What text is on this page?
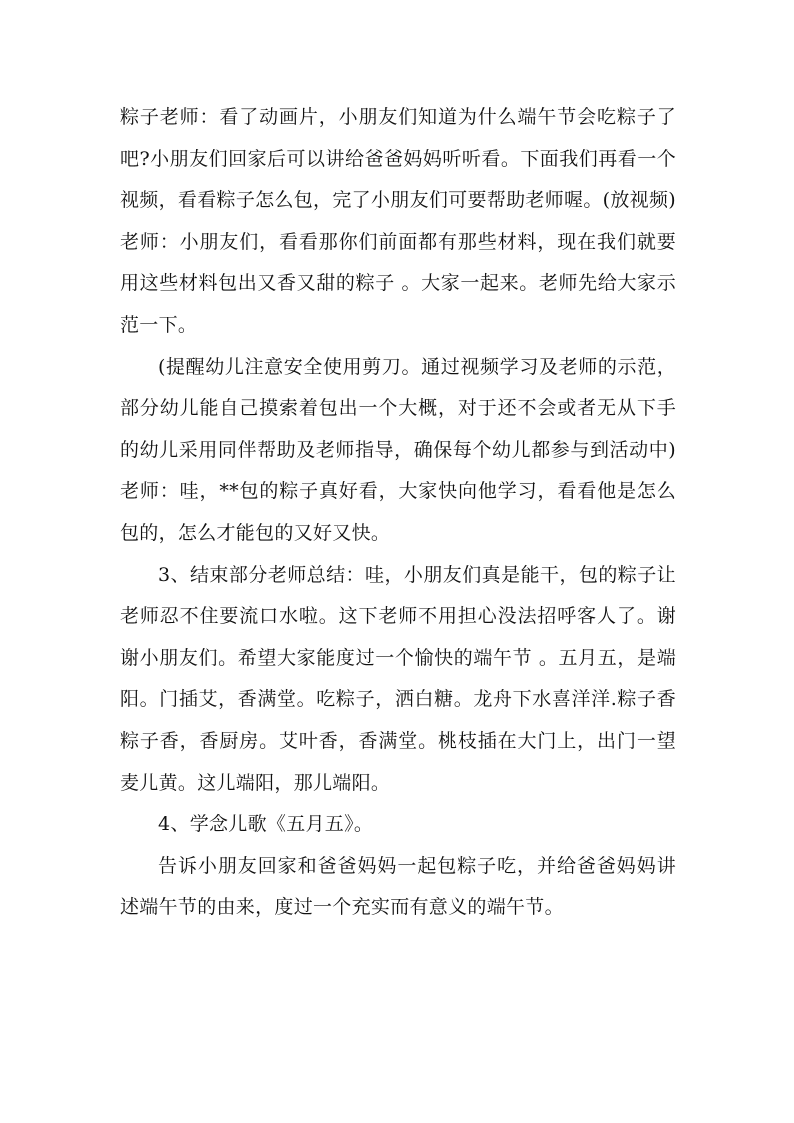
粽子老师：看了动画片，小朋友们知道为什么端午节会吃粽子了吧?小朋友们回家后可以讲给爸爸妈妈听听看。下面我们再看一个视频，看看粽子怎么包，完了小朋友们可要帮助老师喔。(放视频)老师：小朋友们，看看那你们前面都有那些材料，现在我们就要用这些材料包出又香又甜的粽子 。大家一起来。老师先给大家示范一下。

(提醒幼儿注意安全使用剪刀。通过视频学习及老师的示范，部分幼儿能自己摸索着包出一个大概，对于还不会或者无从下手的幼儿采用同伴帮助及老师指导，确保每个幼儿都参与到活动中)老师：哇，**包的粽子真好看，大家快向他学习，看看他是怎么包的，怎么才能包的又好又快。

3、结束部分老师总结：哇，小朋友们真是能干，包的粽子让老师忍不住要流口水啦。这下老师不用担心没法招呼客人了。谢谢小朋友们。希望大家能度过一个愉快的端午节 。五月五，是端阳。门插艾，香满堂。吃粽子，洒白糖。龙舟下水喜洋洋.粽子香粽子香，香厨房。艾叶香，香满堂。桃枝插在大门上，出门一望麦儿黄。这儿端阳，那儿端阳。

4、学念儿歌《五月五》。

告诉小朋友回家和爸爸妈妈一起包粽子吃，并给爸爸妈妈讲述端午节的由来，度过一个充实而有意义的端午节。
